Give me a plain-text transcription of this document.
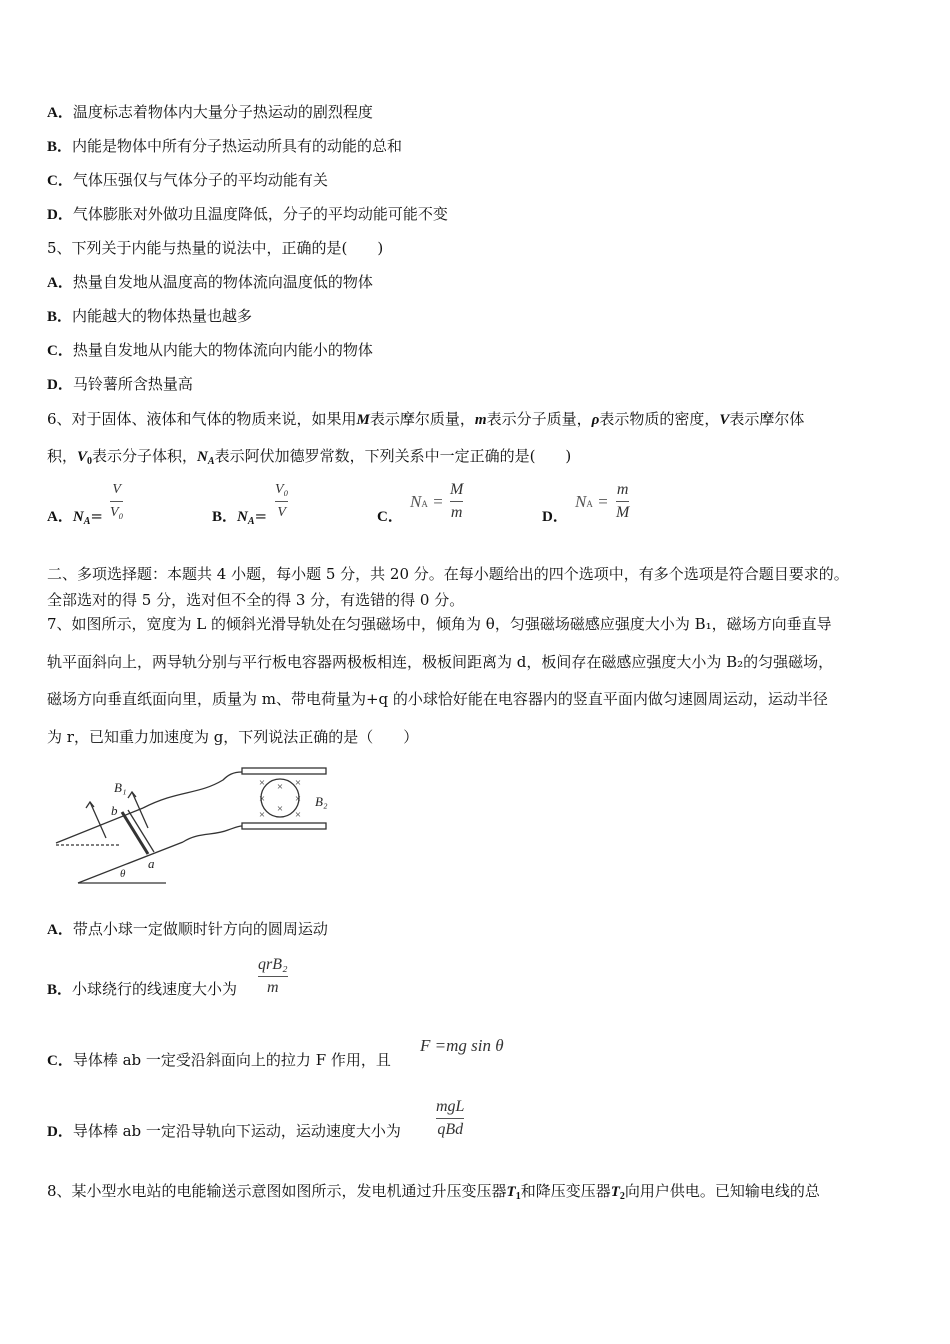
A．温度标志着物体内大量分子热运动的剧烈程度
B．内能是物体中所有分子热运动所具有的动能的总和
C．气体压强仅与气体分子的平均动能有关
D．气体膨胀对外做功且温度降低，分子的平均动能可能不变
5、下列关于内能与热量的说法中，正确的是(　　)
A．热量自发地从温度高的物体流向温度低的物体
B．内能越大的物体热量也越多
C．热量自发地从内能大的物体流向内能小的物体
D．马铃薯所含热量高
6、对于固体、液体和气体的物质来说，如果用M表示摩尔质量，m表示分子质量，ρ表示物质的密度，V表示摩尔体
积，$V_0$表示分子体积，$N_A$表示阿伏加德罗常数，下列关系中一定正确的是(　　)
A．$N_A=$
V
V₀	B．$N_A=$
V₀
V	C．
NA =
M
m	D．
NA =
m
M
二、多项选择题：本题共 4 小题，每小题 5 分，共 20 分。在每小题给出的四个选项中，有多个选项是符合题目要求的。
全部选对的得 5 分，选对但不全的得 3 分，有选错的得 0 分。
7、如图所示，宽度为 L 的倾斜光滑导轨处在匀强磁场中，倾角为 θ，匀强磁场磁感应强度大小为 B₁，磁场方向垂直导
轨平面斜向上，两导轨分别与平行板电容器两极板相连，极板间距离为 d，板间存在磁感应强度大小为 B₂的匀强磁场，
磁场方向垂直纸面向里，质量为 m、带电荷量为+q 的小球恰好能在电容器内的竖直平面内做匀速圆周运动，运动半径
为 r，已知重力加速度为 g，下列说法正确的是（　　）
×
×
×
×
×
×
×
×
B₁
b
a
θ
B₂
A．带点小球一定做顺时针方向的圆周运动
B．小球绕行的线速度大小为
qrB₂
m
C．导体棒 ab 一定受沿斜面向上的拉力 F 作用，且
F =mg sin θ
D．导体棒 ab 一定沿导轨向下运动，运动速度大小为
mgL
qBd
8、某小型水电站的电能输送示意图如图所示，发电机通过升压变压器$T_1$和降压变压器$T_2$向用户供电。已知输电线的总
